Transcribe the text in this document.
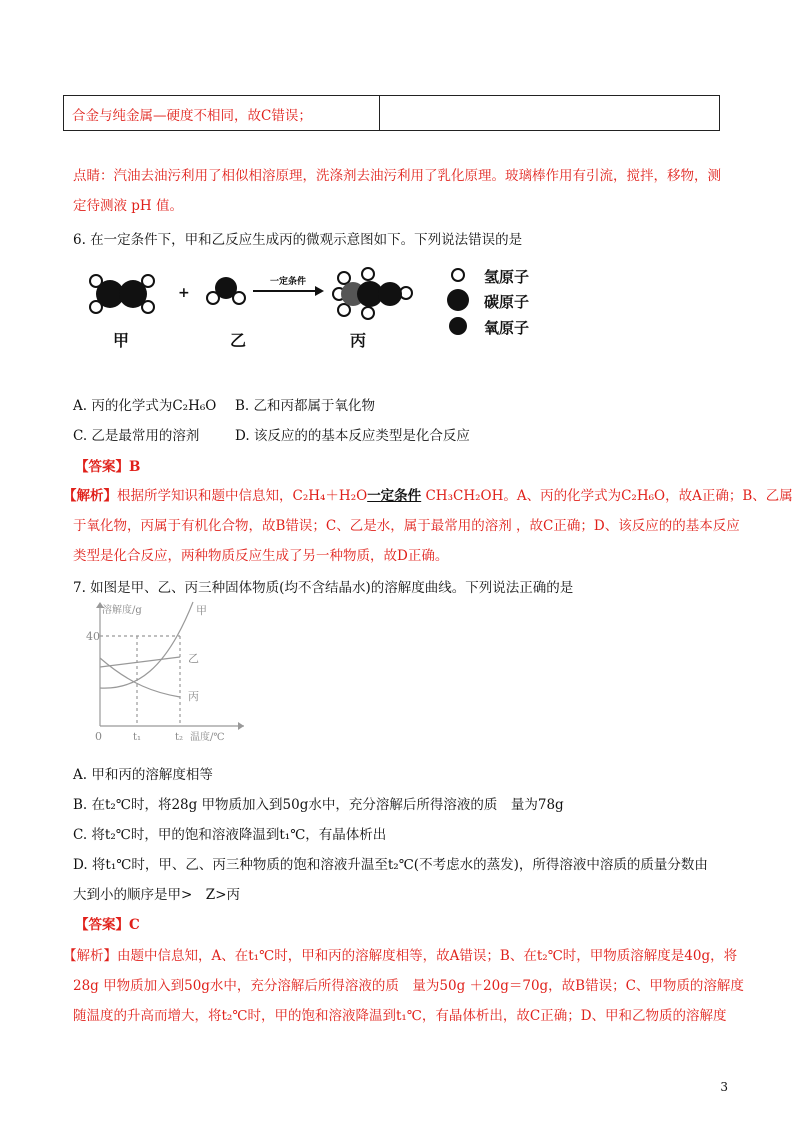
合金与纯金属—硬度不相同，故C错误；
点睛：汽油去油污利用了相似相溶原理，洗涤剂去油污利用了乳化原理。玻璃棒作用有引流，搅拌，移物，测
定待测液 pH 值。
6. 在一定条件下，甲和乙反应生成丙的微观示意图如下。下列说法错误的是
+
一定条件	氢原子
碳原子
氧原子
甲	乙	丙
A. 丙的化学式为C₂H₆O B. 乙和丙都属于氧化物
C. 乙是最常用的溶剂	D. 该反应的的基本反应类型是化合反应
【答案】B
【解析】根据所学知识和题中信息知，C₂H₄＋H₂O一定条件 CH₃CH₂OH。A、丙的化学式为C₂H₆O，故A正确；B、乙属
于氧化物，丙属于有机化合物，故B错误；C、乙是水，属于最常用的溶剂 ，故C正确；D、该反应的的基本反应
类型是化合反应，两种物质反应生成了另一种物质，故D正确。
7. 如图是甲、乙、丙三种固体物质(均不含结晶水)的溶解度曲线。下列说法正确的是
溶解度/g
40
0	t₁	t₂ 温度/℃
甲
乙
丙
A. 甲和丙的溶解度相等
B. 在t₂℃时，将28g 甲物质加入到50g水中，充分溶解后所得溶液的质　量为78g
C. 将t₂℃时，甲的饱和溶液降温到t₁℃，有晶体析出
D. 将t₁℃时，甲、乙、丙三种物质的饱和溶液升温至t₂℃(不考虑水的蒸发)，所得溶液中溶质的质量分数由
大到小的顺序是甲>　Z>丙
【答案】C
【解析】由题中信息知，A、在t₁℃时，甲和丙的溶解度相等，故A错误；B、在t₂℃时，甲物质溶解度是40g，将
28g 甲物质加入到50g水中，充分溶解后所得溶液的质　量为50g ＋20g＝70g，故B错误；C、甲物质的溶解度
随温度的升高而增大，将t₂℃时，甲的饱和溶液降温到t₁℃，有晶体析出，故C正确；D、甲和乙物质的溶解度
3
